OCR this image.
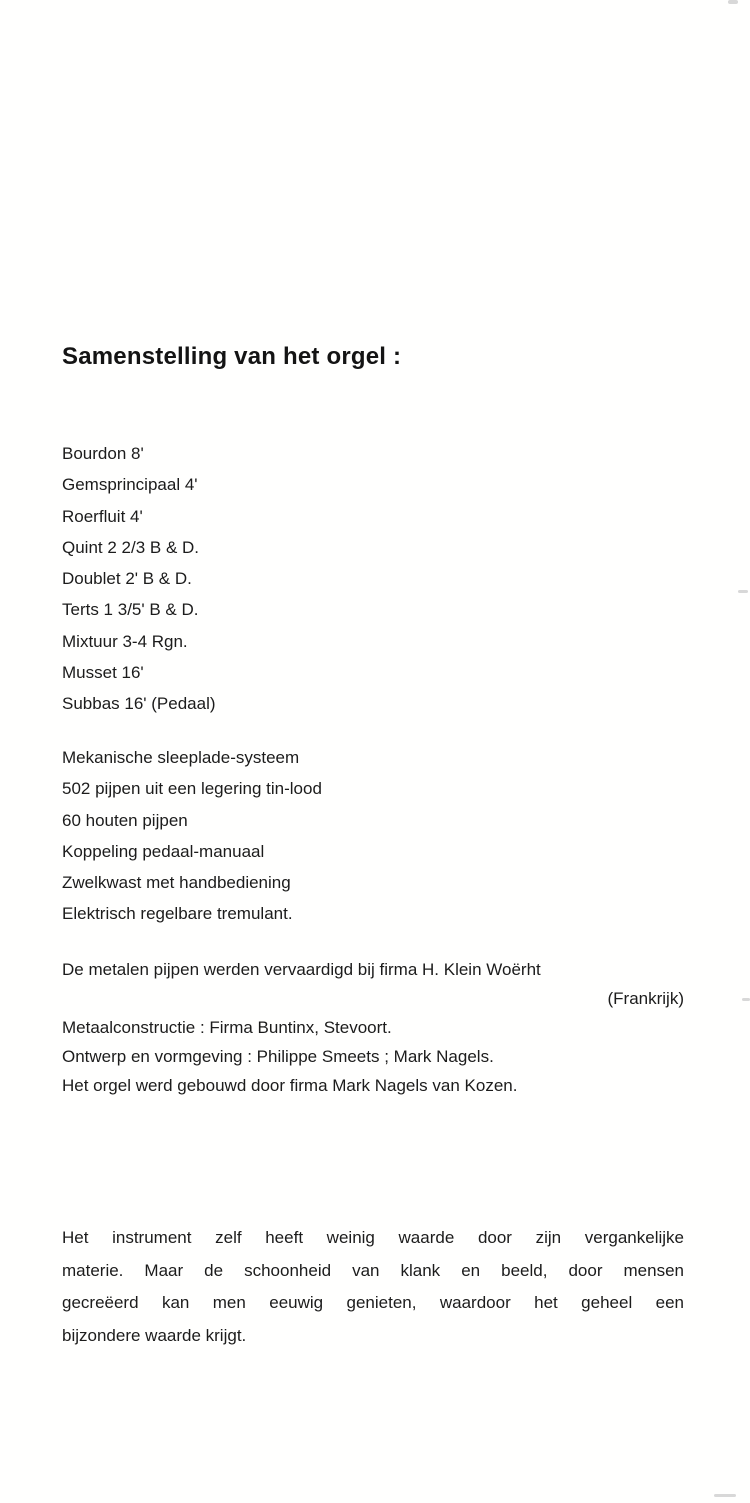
Samenstelling van het orgel :
Bourdon 8'
Gemsprincipaal 4'
Roerfluit 4'
Quint 2 2/3 B & D.
Doublet 2' B & D.
Terts 1 3/5' B & D.
Mixtuur 3-4 Rgn.
Musset 16'
Subbas 16' (Pedaal)
Mekanische sleeplade-systeem
502 pijpen uit een legering tin-lood
60 houten pijpen
Koppeling pedaal-manuaal
Zwelkwast met handbediening
Elektrisch regelbare tremulant.
De metalen pijpen werden vervaardigd bij firma H. Klein Woërht
(Frankrijk)
Metaalconstructie : Firma Buntinx, Stevoort.
Ontwerp en vormgeving : Philippe Smeets ; Mark Nagels.
Het orgel werd gebouwd door firma Mark Nagels van Kozen.
Het instrument zelf heeft weinig waarde door zijn vergankelijke
materie. Maar de schoonheid van klank en beeld, door mensen
gecreëerd kan men eeuwig genieten, waardoor het geheel een
bijzondere waarde krijgt.
